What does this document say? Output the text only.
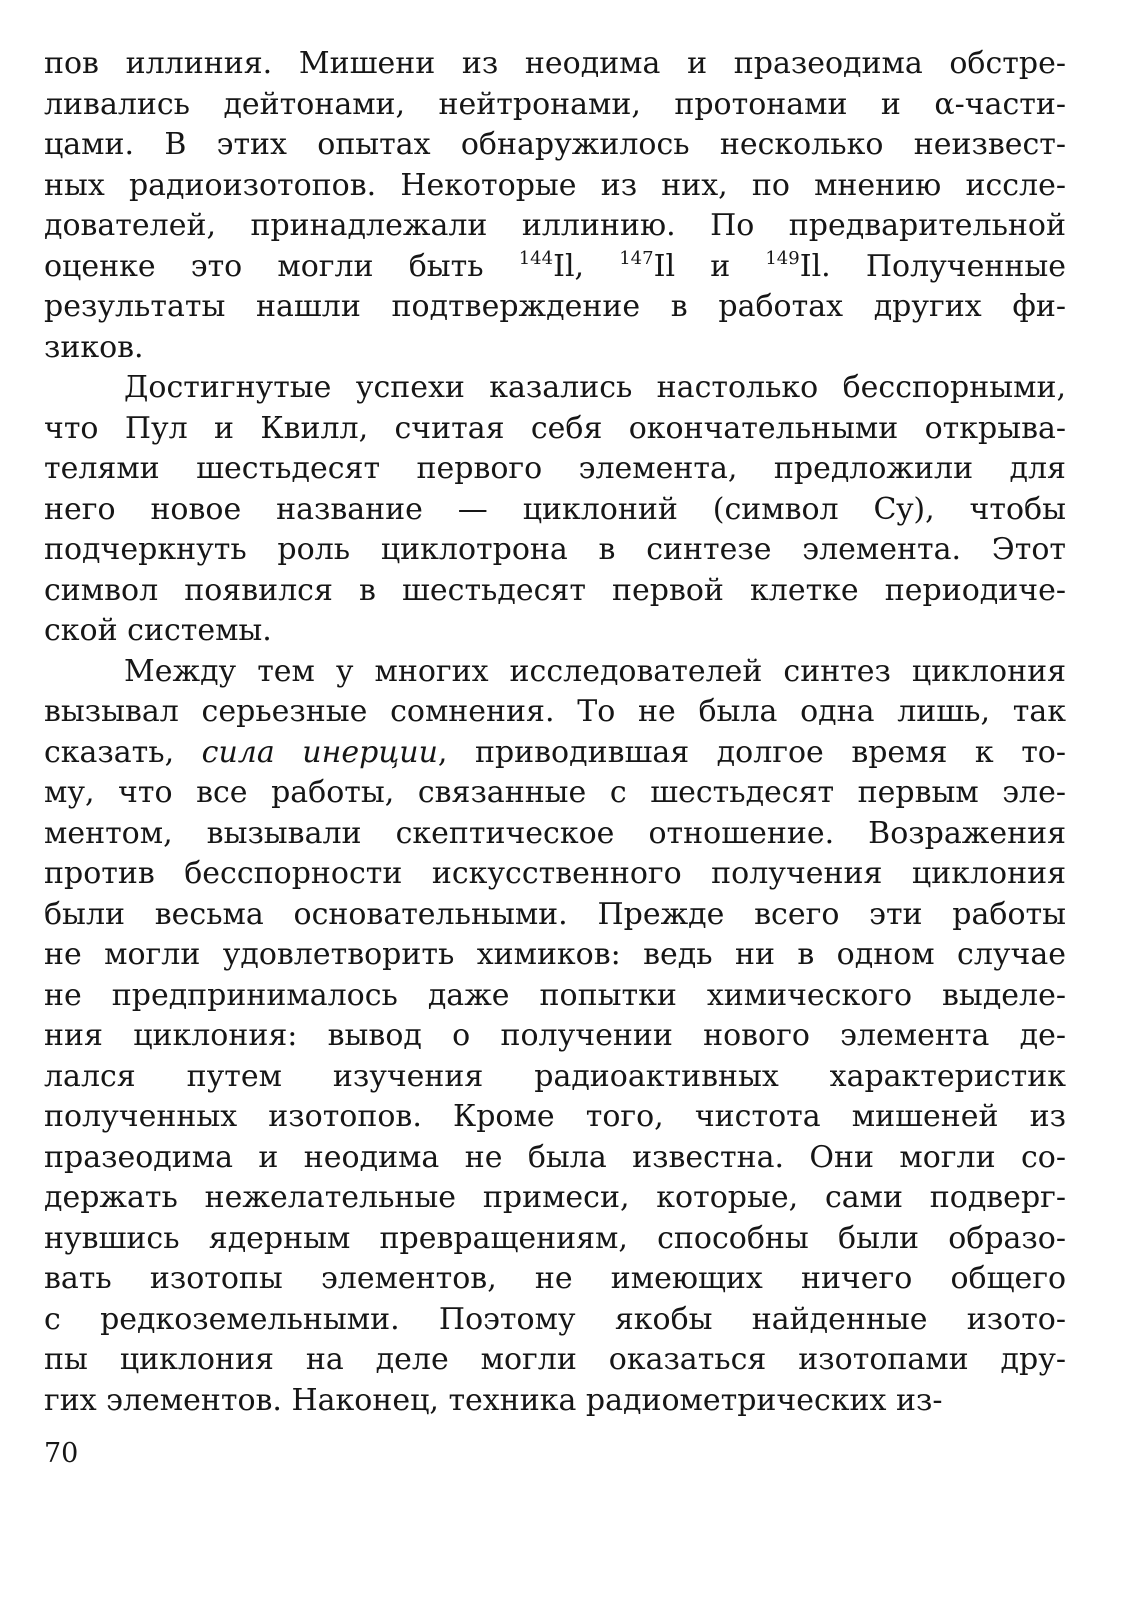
пов иллиния. Мишени из неодима и празеодима обстре-
ливались дейтонами, нейтронами, протонами и α-части-
цами. В этих опытах обнаружилось несколько неизвест-
ных радиоизотопов. Некоторые из них, по мнению иссле-
дователей, принадлежали иллинию. По предварительной
оценке это могли быть $^{144}$Il, $^{147}$Il и $^{149}$Il. Полученные
результаты нашли подтверждение в работах других фи-
зиков.
Достигнутые успехи казались настолько бесспорными,
что Пул и Квилл, считая себя окончательными открыва-
телями шестьдесят первого элемента, предложили для
него новое название — циклоний (символ Cy), чтобы
подчеркнуть роль циклотрона в синтезе элемента. Этот
символ появился в шестьдесят первой клетке периодиче-
ской системы.
Между тем у многих исследователей синтез циклония
вызывал серьезные сомнения. То не была одна лишь, так
сказать, сила инерции, приводившая долгое время к то-
му, что все работы, связанные с шестьдесят первым эле-
ментом, вызывали скептическое отношение. Возражения
против бесспорности искусственного получения циклония
были весьма основательными. Прежде всего эти работы
не могли удовлетворить химиков: ведь ни в одном случае
не предпринималось даже попытки химического выделе-
ния циклония: вывод о получении нового элемента де-
лался путем изучения радиоактивных характеристик
полученных изотопов. Кроме того, чистота мишеней из
празеодима и неодима не была известна. Они могли со-
держать нежелательные примеси, которые, сами подверг-
нувшись ядерным превращениям, способны были образо-
вать изотопы элементов, не имеющих ничего общего
с редкоземельными. Поэтому якобы найденные изото-
пы циклония на деле могли оказаться изотопами дру-
гих элементов. Наконец, техника радиометрических из-
70
